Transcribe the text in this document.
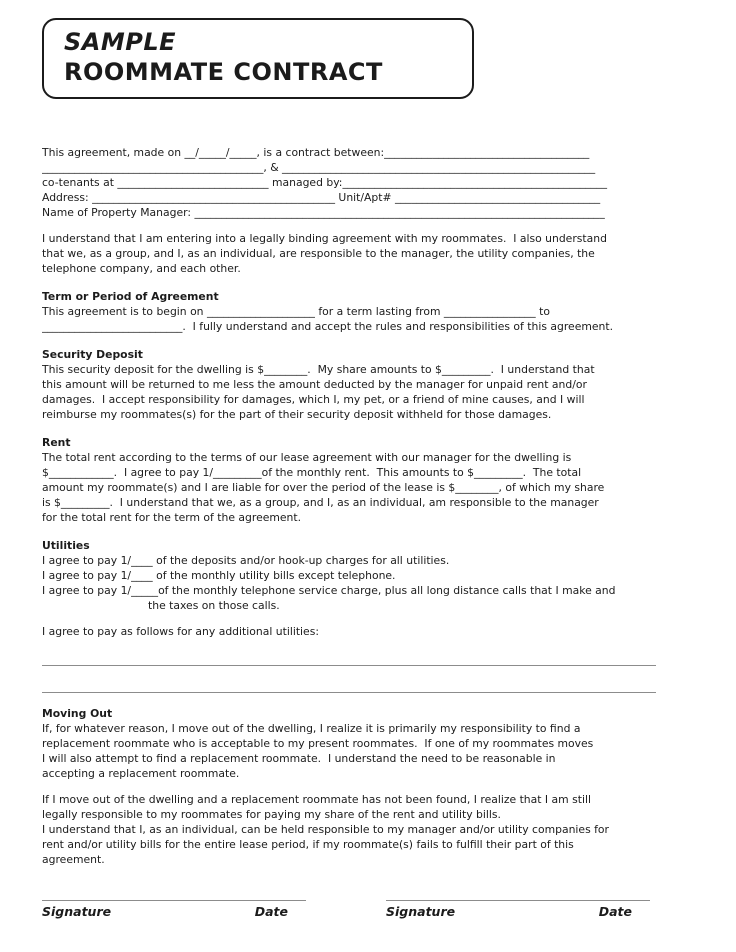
SAMPLE
ROOMMATE CONTRACT
This agreement, made on __/_____/_____, is a contract between:______________________________________
_________________________________________, & __________________________________________________________
co-tenants at ____________________________ managed by:_________________________________________________
Address: _____________________________________________ Unit/Apt# ______________________________________
Name of Property Manager: ____________________________________________________________________________
I understand that I am entering into a legally binding agreement with my roommates.  I also understand
that we, as a group, and I, as an individual, are responsible to the manager, the utility companies, the
telephone company, and each other.
Term or Period of Agreement
This agreement is to begin on ____________________ for a term lasting from _________________ to
__________________________.  I fully understand and accept the rules and responsibilities of this agreement.
Security Deposit
This security deposit for the dwelling is $________.  My share amounts to $_________.  I understand that
this amount will be returned to me less the amount deducted by the manager for unpaid rent and/or
damages.  I accept responsibility for damages, which I, my pet, or a friend of mine causes, and I will
reimburse my roommates(s) for the part of their security deposit withheld for those damages.
Rent
The total rent according to the terms of our lease agreement with our manager for the dwelling is
$____________.  I agree to pay 1/_________of the monthly rent.  This amounts to $_________.  The total
amount my roommate(s) and I are liable for over the period of the lease is $________, of which my share
is $_________.  I understand that we, as a group, and I, as an individual, am responsible to the manager
for the total rent for the term of the agreement.
Utilities
I agree to pay 1/____ of the deposits and/or hook-up charges for all utilities.
I agree to pay 1/____ of the monthly utility bills except telephone.
I agree to pay 1/_____of the monthly telephone service charge, plus all long distance calls that I make and
the taxes on those calls.
I agree to pay as follows for any additional utilities:
Moving Out
If, for whatever reason, I move out of the dwelling, I realize it is primarily my responsibility to find a
replacement roommate who is acceptable to my present roommates.  If one of my roommates moves
I will also attempt to find a replacement roommate.  I understand the need to be reasonable in
accepting a replacement roommate.
If I move out of the dwelling and a replacement roommate has not been found, I realize that I am still
legally responsible to my roommates for paying my share of the rent and utility bills.
I understand that I, as an individual, can be held responsible to my manager and/or utility companies for
rent and/or utility bills for the entire lease period, if my roommate(s) fails to fulfill their part of this
agreement.
Signature	Date	Signature	Date
